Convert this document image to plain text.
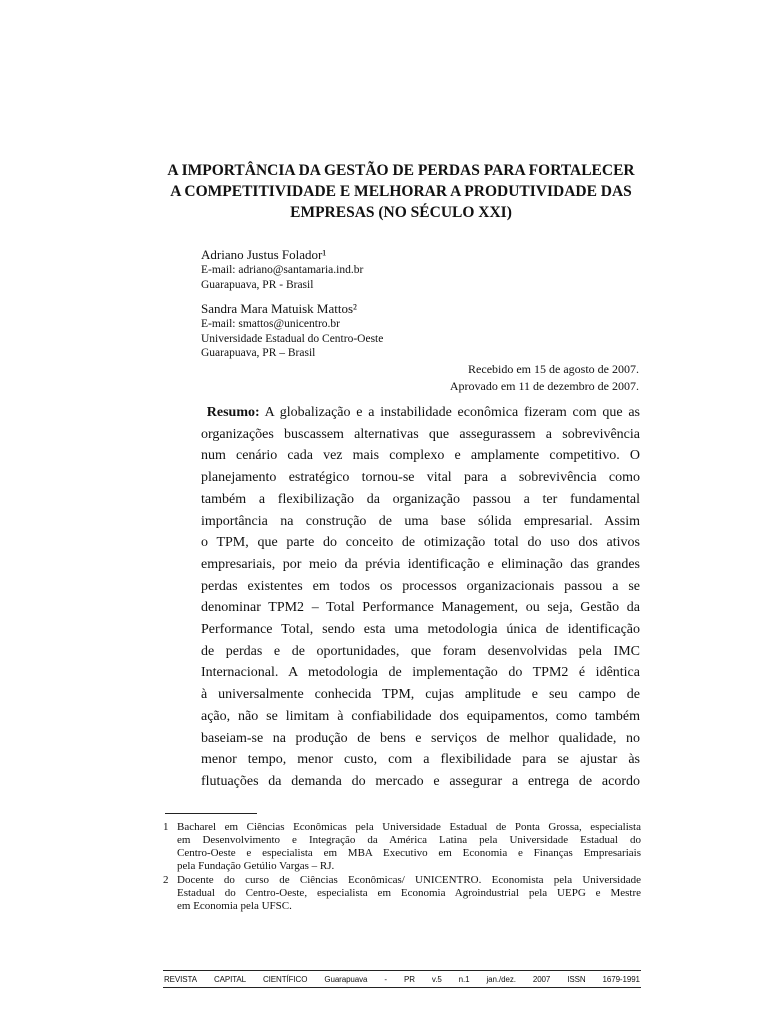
A IMPORTÂNCIA DA GESTÃO DE PERDAS PARA FORTALECER
A COMPETITIVIDADE E MELHORAR A PRODUTIVIDADE DAS
EMPRESAS (NO SÉCULO XXI)
Adriano Justus Folador¹
E-mail: adriano@santamaria.ind.br
Guarapuava, PR - Brasil
Sandra Mara Matuisk Mattos²
E-mail: smattos@unicentro.br
Universidade Estadual do Centro-Oeste
Guarapuava, PR – Brasil
Recebido em 15 de agosto de 2007.
Aprovado em 11 de dezembro de 2007.
Resumo: A globalização e a instabilidade econômica fizeram com que as
organizações buscassem alternativas que assegurassem a sobrevivência
num cenário cada vez mais complexo e amplamente competitivo. O
planejamento estratégico tornou-se vital para a sobrevivência como
também a flexibilização da organização passou a ter fundamental
importância na construção de uma base sólida empresarial. Assim
o TPM, que parte do conceito de otimização total do uso dos ativos
empresariais, por meio da prévia identificação e eliminação das grandes
perdas existentes em todos os processos organizacionais passou a se
denominar TPM2 – Total Performance Management, ou seja, Gestão da
Performance Total, sendo esta uma metodologia única de identificação
de perdas e de oportunidades, que foram desenvolvidas pela IMC
Internacional. A metodologia de implementação do TPM2 é idêntica
à universalmente conhecida TPM, cujas amplitude e seu campo de
ação, não se limitam à confiabilidade dos equipamentos, como também
baseiam-se na produção de bens e serviços de melhor qualidade, no
menor tempo, menor custo, com a flexibilidade para se ajustar às
flutuações da demanda do mercado e assegurar a entrega de acordo
1 Bacharel em Ciências Econômicas pela Universidade Estadual de Ponta Grossa, especialista
em Desenvolvimento e Integração da América Latina pela Universidade Estadual do
Centro-Oeste e especialista em MBA Executivo em Economia e Finanças Empresariais
pela Fundação Getúlio Vargas – RJ.
2 Docente do curso de Ciências Econômicas/ UNICENTRO. Economista pela Universidade
Estadual do Centro-Oeste, especialista em Economia Agroindustrial pela UEPG e Mestre
em Economia pela UFSC.
REVISTA CAPITAL CIENTÍFICO Guarapuava - PR v.5 n.1 jan./dez. 2007 ISSN 1679-1991
